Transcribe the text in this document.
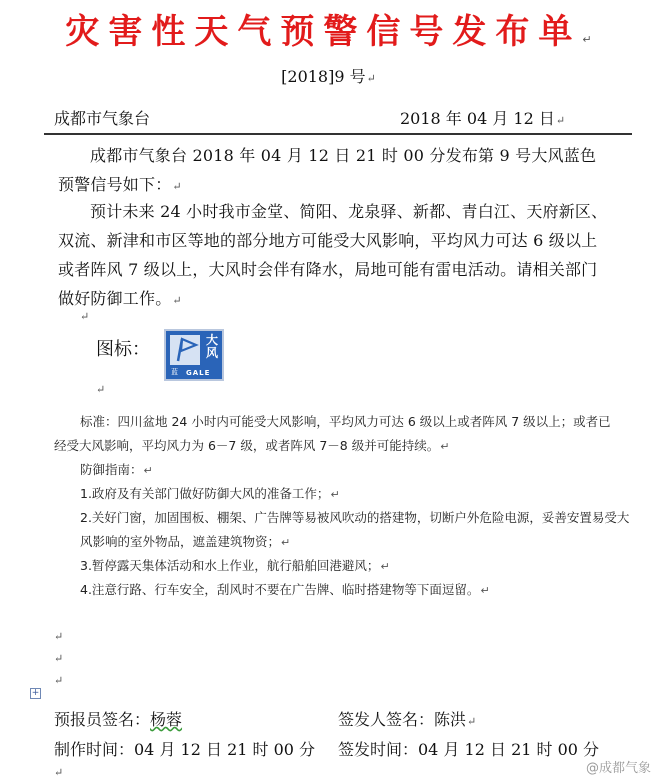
灾害性天气预警信号发布单↵
[2018]9 号↵
成都市气象台	2018 年 04 月 12 日↵

成都市气象台 2018 年 04 月 12 日 21 时 00 分发布第 9 号大风蓝色预警信号如下：↵

预计未来 24 小时我市金堂、简阳、龙泉驿、新都、青白江、天府新区、双流、新津和市区等地的部分地方可能受大风影响，平均风力可达 6 级以上或者阵风 7 级以上，大风时会伴有降水，局地可能有雷电活动。请相关部门做好防御工作。↵

↵
图标：	大风
蓝 GALE
↵

标准：四川盆地 24 小时内可能受大风影响，平均风力可达 6 级以上或者阵风 7 级以上；或者已经受大风影响，平均风力为 6－7 级，或者阵风 7－8 级并可能持续。↵

防御指南：↵

1.政府及有关部门做好防御大风的准备工作；↵

2.关好门窗，加固围板、棚架、广告牌等易被风吹动的搭建物，切断户外危险电源，妥善安置易受大风影响的室外物品，遮盖建筑物资；↵

3.暂停露天集体活动和水上作业，航行船舶回港避风；↵

4.注意行路、行车安全，刮风时不要在广告牌、临时搭建物等下面逗留。↵

↵
↵
↵
+
预报员签名：杨蓉	签发人签名：陈洪↵
制作时间：04 月 12 日 21 时 00 分 签发时间：04 月 12 日 21 时 00 分
↵	@成都气象
